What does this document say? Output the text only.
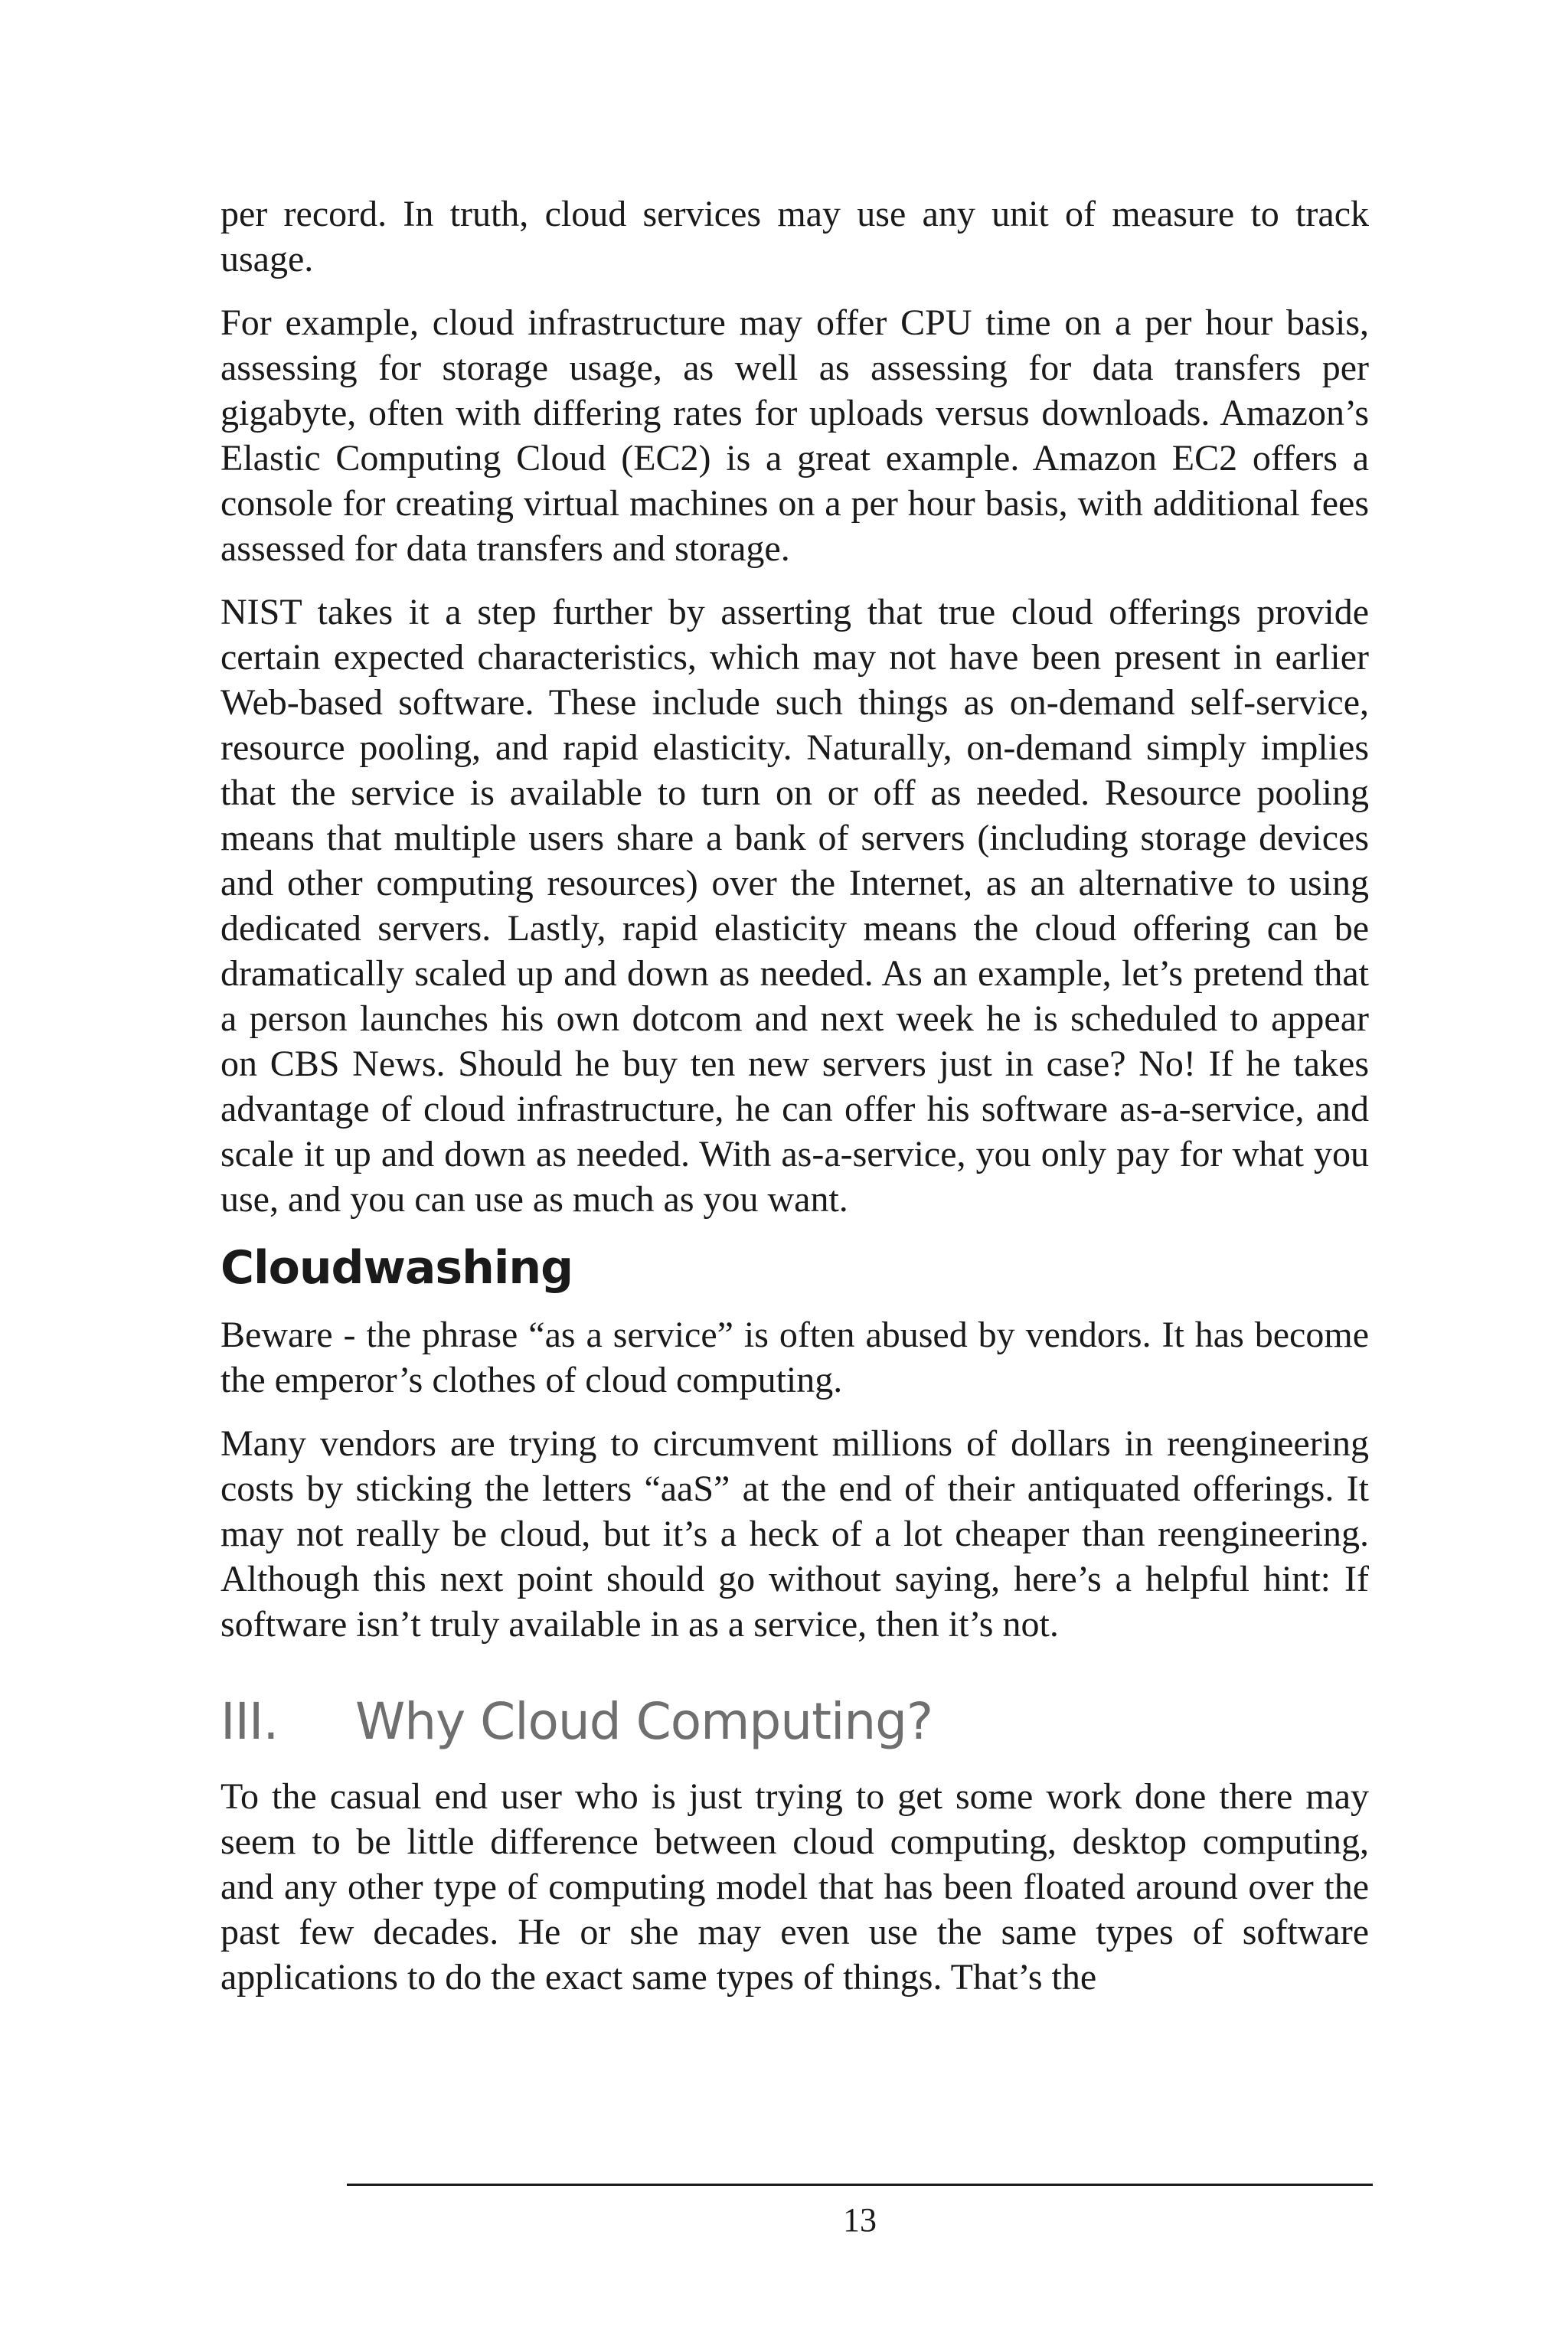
per record. In truth, cloud services may use any unit of measure to track usage.

For example, cloud infrastructure may offer CPU time on a per hour basis, assessing for storage usage, as well as assessing for data transfers per gigabyte, often with differing rates for uploads versus downloads. Amazon’s Elastic Computing Cloud (EC2) is a great example. Amazon EC2 offers a console for creating virtual machines on a per hour basis, with additional fees assessed for data transfers and storage.

NIST takes it a step further by asserting that true cloud offerings provide certain expected characteristics, which may not have been present in earlier Web-based software. These include such things as on-demand self-service, resource pooling, and rapid elasticity. Naturally, on-demand simply implies that the service is available to turn on or off as needed. Resource pooling means that multiple users share a bank of servers (including storage devices and other computing resources) over the Internet, as an alternative to using dedicated servers. Lastly, rapid elasticity means the cloud offering can be dramatically scaled up and down as needed. As an example, let’s pretend that a person launches his own dotcom and next week he is scheduled to appear on CBS News. Should he buy ten new servers just in case? No! If he takes advantage of cloud infrastructure, he can offer his software as-a-service, and scale it up and down as needed. With as-a-service, you only pay for what you use, and you can use as much as you want.

Cloudwashing

Beware - the phrase “as a service” is often abused by vendors. It has become the emperor’s clothes of cloud computing.

Many vendors are trying to circumvent millions of dollars in reengineering costs by sticking the letters “aaS” at the end of their antiquated offerings. It may not really be cloud, but it’s a heck of a lot cheaper than reengineering. Although this next point should go without saying, here’s a helpful hint: If software isn’t truly available in as a service, then it’s not.

III.	Why Cloud Computing?

To the casual end user who is just trying to get some work done there may seem to be little difference between cloud computing, desktop computing, and any other type of computing model that has been floated around over the past few decades. He or she may even use the same types of software applications to do the exact same types of things. That’s the

13
